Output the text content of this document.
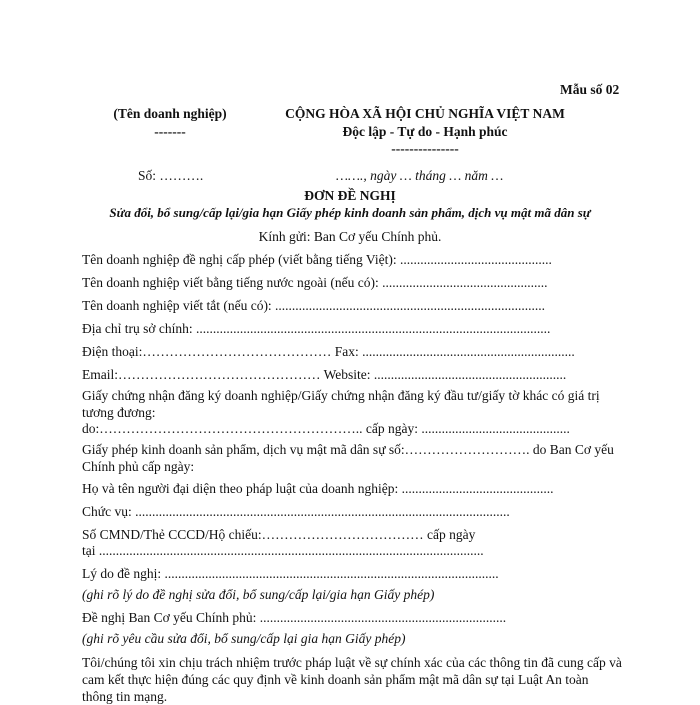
Mẫu số 02
(Tên doanh nghiệp)
-------
CỘNG HÒA XÃ HỘI CHỦ NGHĨA VIỆT NAM
Độc lập - Tự do - Hạnh phúc
---------------
Số: ……….	……., ngày … tháng … năm …
ĐƠN ĐỀ NGHỊ
Sửa đổi, bổ sung/cấp lại/gia hạn Giấy phép kinh doanh sản phẩm, dịch vụ mật mã dân sự
Kính gửi: Ban Cơ yếu Chính phủ.
Tên doanh nghiệp đề nghị cấp phép (viết bằng tiếng Việt): .............................................
Tên doanh nghiệp viết bằng tiếng nước ngoài (nếu có): .................................................
Tên doanh nghiệp viết tắt (nếu có): ................................................................................
Địa chỉ trụ sở chính: .........................................................................................................
Điện thoại:…………………………………… Fax: ...............................................................
Email:……………………………………… Website: .........................................................
Giấy chứng nhận đăng ký doanh nghiệp/Giấy chứng nhận đăng ký đầu tư/giấy tờ khác có giá trị tương đương:
do:………………………………………………….. cấp ngày: ............................................
Giấy phép kinh doanh sản phẩm, dịch vụ mật mã dân sự số:………………………. do Ban Cơ yếu Chính phủ cấp ngày:
Họ và tên người đại diện theo pháp luật của doanh nghiệp: .............................................
Chức vụ: ...............................................................................................................
Số CMND/Thẻ CCCD/Hộ chiếu:……………………………… cấp ngày
tại ..................................................................................................................
Lý do đề nghị: ...................................................................................................
(ghi rõ lý do đề nghị sửa đổi, bổ sung/cấp lại/gia hạn Giấy phép)
Đề nghị Ban Cơ yếu Chính phủ: .........................................................................
(ghi rõ yêu cầu sửa đổi, bổ sung/cấp lại gia hạn Giấy phép)
Tôi/chúng tôi xin chịu trách nhiệm trước pháp luật về sự chính xác của các thông tin đã cung cấp và cam kết thực hiện đúng các quy định về kinh doanh sản phẩm mật mã dân sự tại Luật An toàn thông tin mạng.
